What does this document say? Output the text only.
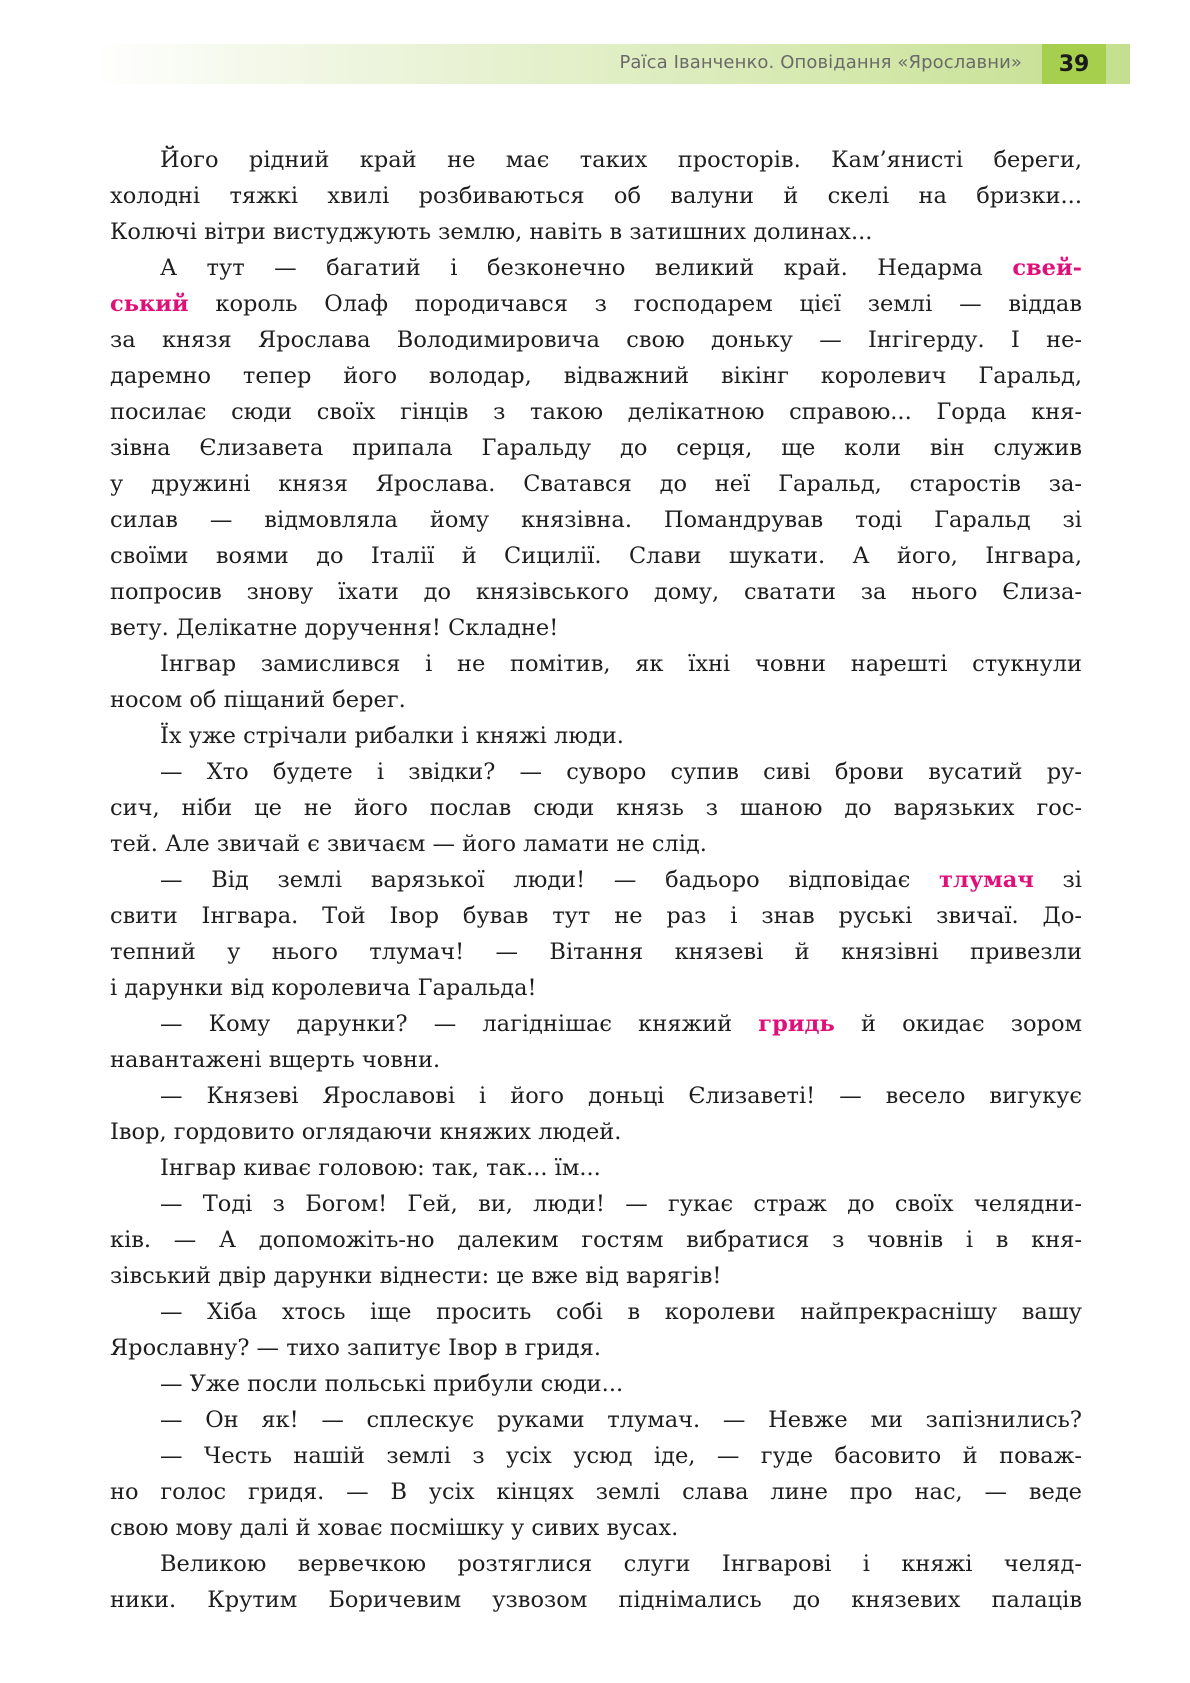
Раїса Іванченко. Оповідання «Ярославни» 39
Його рідний край не має таких просторів. Кам’янисті береги,
холодні тяжкі хвилі розбиваються об валуни й скелі на бризки...
Колючі вітри вистуджують землю, навіть в затишних долинах...
А тут — багатий і безконечно великий край. Недарма свей-
ський король Олаф породичався з господарем цієї землі — віддав
за князя Ярослава Володимировича свою доньку — Інгігерду. І не-
даремно тепер його володар, відважний вікінг королевич Гаральд,
посилає сюди своїх гінців з такою делікатною справою... Горда кня-
зівна Єлизавета припала Гаральду до серця, ще коли він служив
у дружині князя Ярослава. Сватався до неї Гаральд, старостів за-
силав — відмовляла йому князівна. Помандрував тоді Гаральд зі
своїми воями до Італії й Сицилії. Слави шукати. А його, Інгвара,
попросив знову їхати до князівського дому, сватати за нього Єлиза-
вету. Делікатне доручення! Складне!
Інгвар замислився і не помітив, як їхні човни нарешті стукнули
носом об піщаний берег.
Їх уже стрічали рибалки і княжі люди.
— Хто будете і звідки? — суворо супив сиві брови вусатий ру-
сич, ніби це не його послав сюди князь з шаною до варязьких гос-
тей. Але звичай є звичаєм — його ламати не слід.
— Від землі варязької люди! — бадьоро відповідає тлумач зі
свити Інгвара. Той Івор бував тут не раз і знав руські звичаї. До-
тепний у нього тлумач! — Вітання князеві й князівні привезли
і дарунки від королевича Гаральда!
— Кому дарунки? — лагіднішає княжий гридь й окидає зором
навантажені вщерть човни.
— Князеві Ярославові і його доньці Єлизаветі! — весело вигукує
Івор, гордовито оглядаючи княжих людей.
Інгвар киває головою: так, так... їм...
— Тоді з Богом! Гей, ви, люди! — гукає страж до своїх челядни-
ків. — А допоможіть-но далеким гостям вибратися з човнів і в кня-
зівський двір дарунки віднести: це вже від варягів!
— Хіба хтось іще просить собі в королеви найпрекраснішу вашу
Ярославну? — тихо запитує Івор в гридя.
— Уже посли польські прибули сюди...
— Он як! — сплескує руками тлумач. — Невже ми запізнились?
— Честь нашій землі з усіх усюд іде, — гуде басовито й поваж-
но голос гридя. — В усіх кінцях землі слава лине про нас, — веде
свою мову далі й ховає посмішку у сивих вусах.
Великою вервечкою розтяглися слуги Інгварові і княжі челяд-
ники. Крутим Боричевим узвозом піднімались до князевих палаців
